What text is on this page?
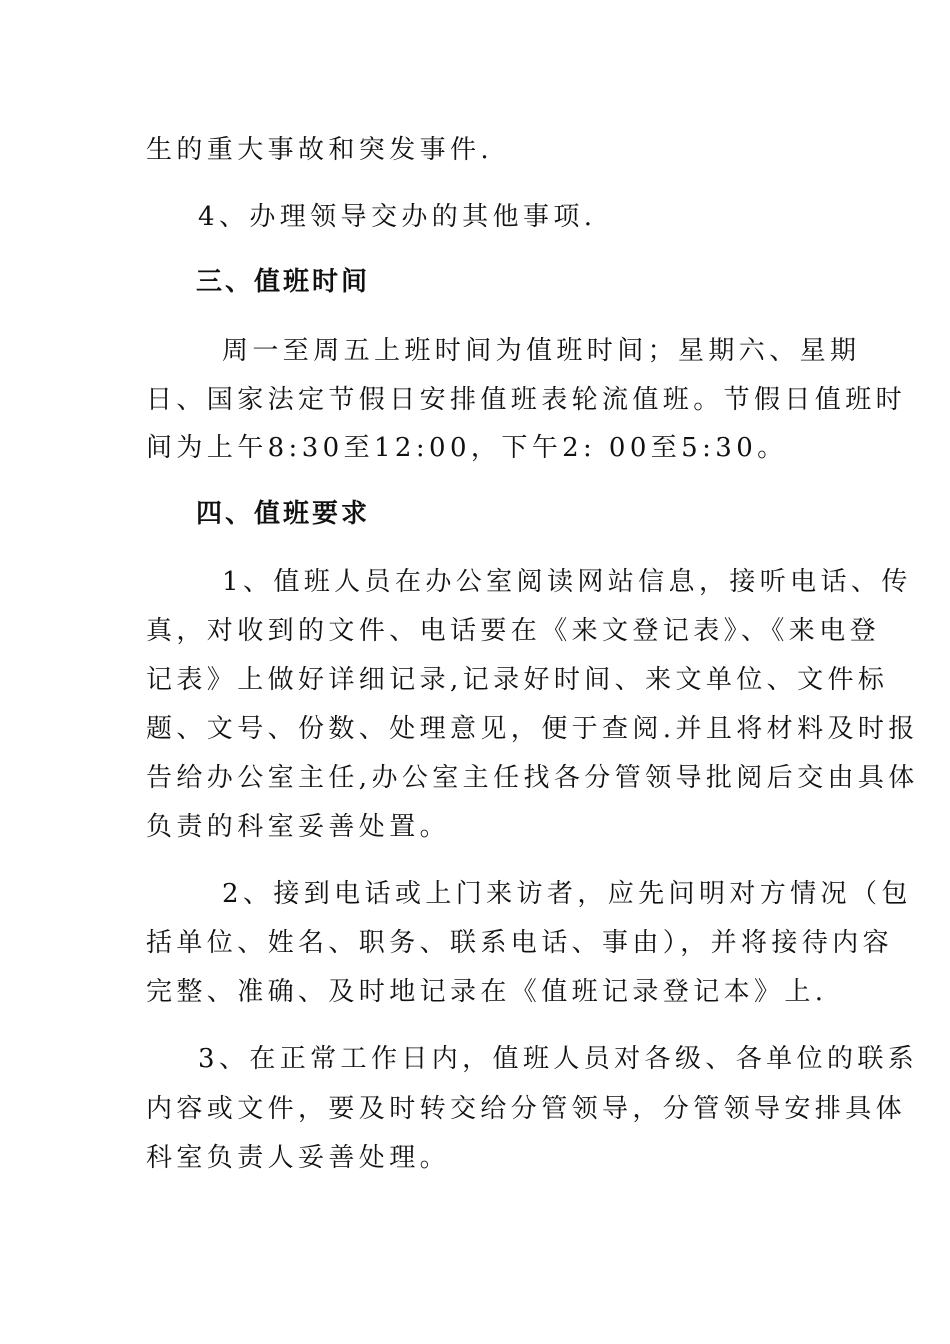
生的重大事故和突发事件.
4、办理领导交办的其他事项.
三、值班时间
周一至周五上班时间为值班时间；星期六、星期
日、国家法定节假日安排值班表轮流值班。节假日值班时
间为上午8:30至12:00，下午2: 00至5:30。
四、值班要求
1、值班人员在办公室阅读网站信息，接听电话、传
真，对收到的文件、电话要在《来文登记表》、《来电登
记表》上做好详细记录,记录好时间、来文单位、文件标
题、文号、份数、处理意见，便于查阅.并且将材料及时报
告给办公室主任,办公室主任找各分管领导批阅后交由具体
负责的科室妥善处置。
2、接到电话或上门来访者，应先问明对方情况（包
括单位、姓名、职务、联系电话、事由），并将接待内容
完整、准确、及时地记录在《值班记录登记本》上.
3、在正常工作日内，值班人员对各级、各单位的联系
内容或文件，要及时转交给分管领导，分管领导安排具体
科室负责人妥善处理。
